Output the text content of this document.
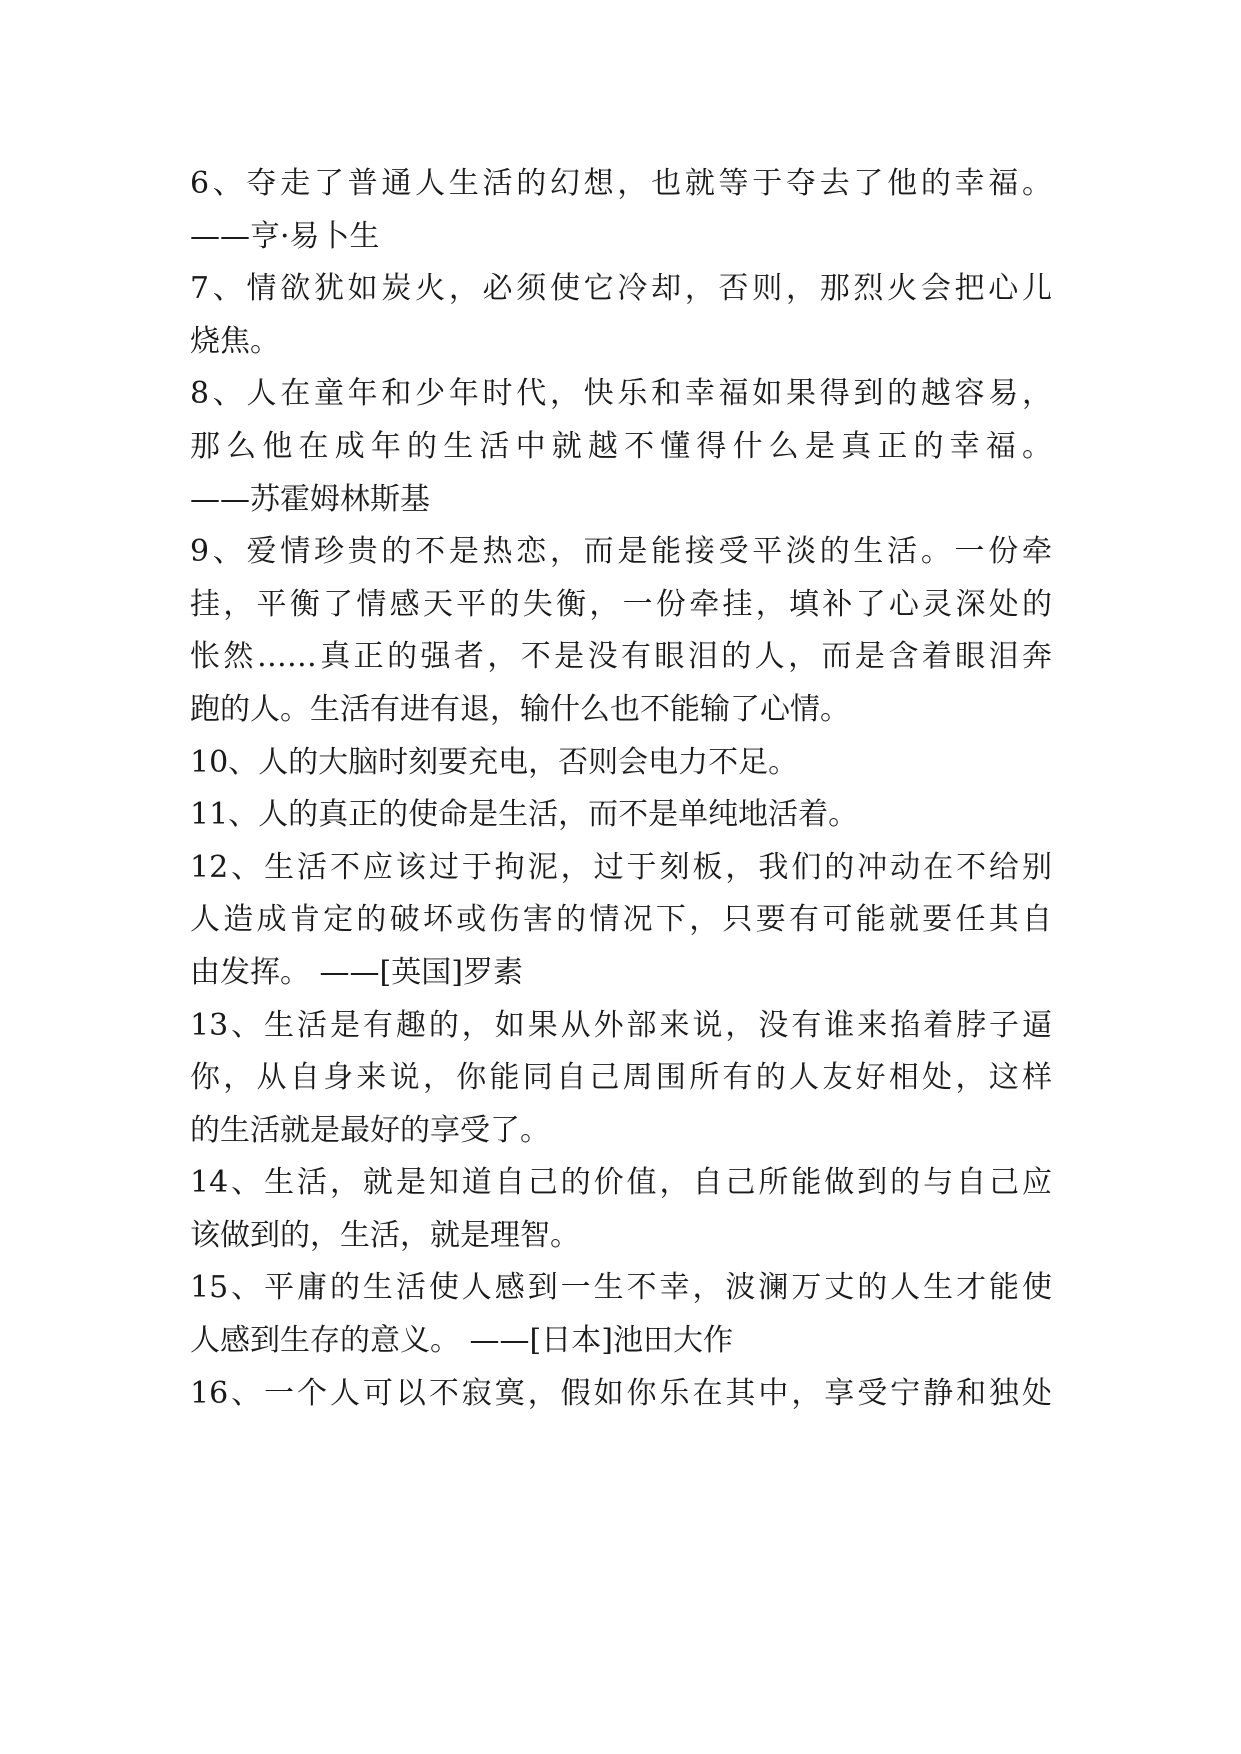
6、夺走了普通人生活的幻想，也就等于夺去了他的幸福。
——亨·易卜生
7、情欲犹如炭火，必须使它冷却，否则，那烈火会把心儿
烧焦。
8、人在童年和少年时代，快乐和幸福如果得到的越容易，
那么他在成年的生活中就越不懂得什么是真正的幸福。
——苏霍姆林斯基
9、爱情珍贵的不是热恋，而是能接受平淡的生活。一份牵
挂，平衡了情感天平的失衡，一份牵挂，填补了心灵深处的
怅然……真正的强者，不是没有眼泪的人，而是含着眼泪奔
跑的人。生活有进有退，输什么也不能输了心情。
10、人的大脑时刻要充电，否则会电力不足。
11、人的真正的使命是生活，而不是单纯地活着。
12、生活不应该过于拘泥，过于刻板，我们的冲动在不给别
人造成肯定的破坏或伤害的情况下，只要有可能就要任其自
由发挥。 ——[英国]罗素
13、生活是有趣的，如果从外部来说，没有谁来掐着脖子逼
你，从自身来说，你能同自己周围所有的人友好相处，这样
的生活就是最好的享受了。
14、生活，就是知道自己的价值，自己所能做到的与自己应
该做到的，生活，就是理智。
15、平庸的生活使人感到一生不幸，波澜万丈的人生才能使
人感到生存的意义。 ——[日本]池田大作
16、一个人可以不寂寞，假如你乐在其中，享受宁静和独处
